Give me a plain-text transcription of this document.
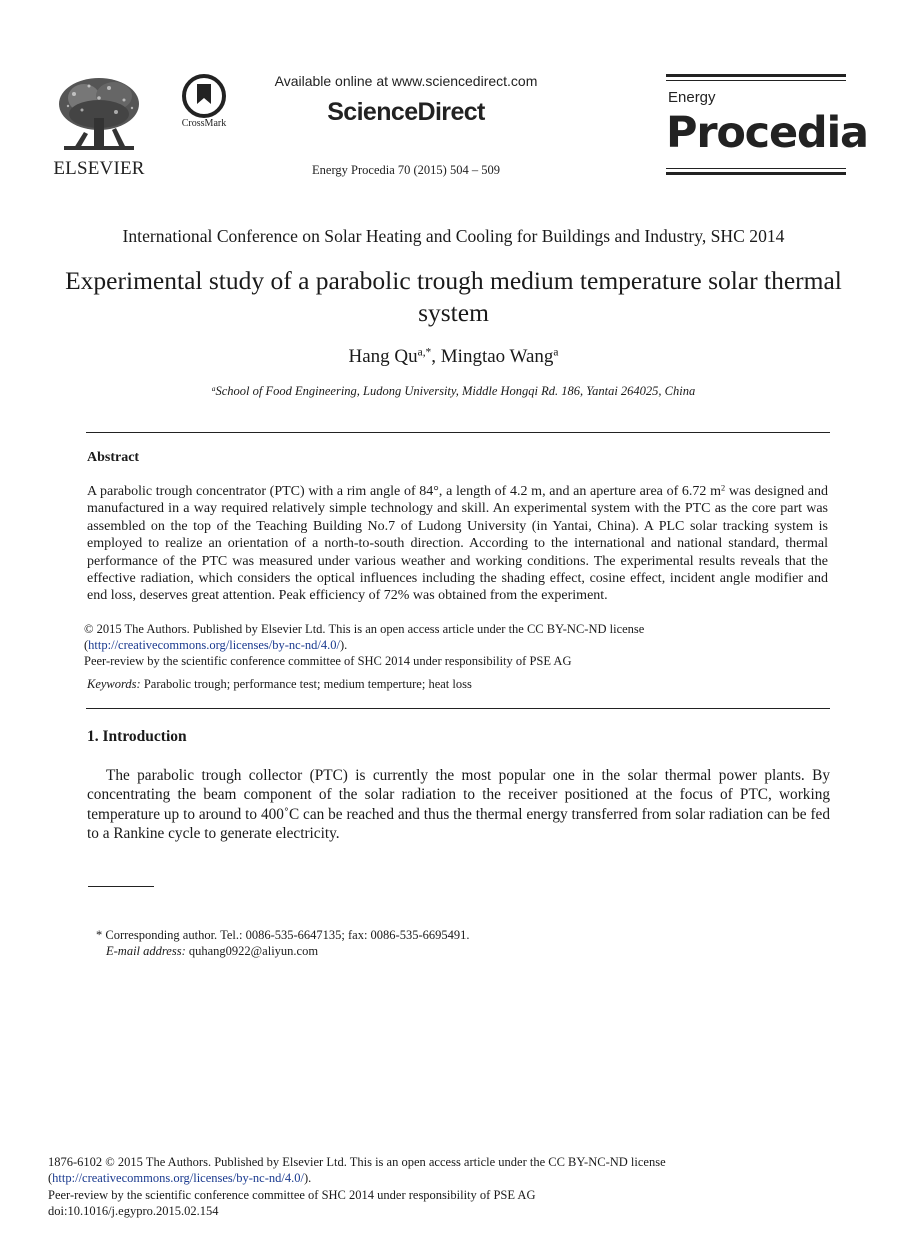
ELSEVIER
CrossMark
Available online at www.sciencedirect.com
ScienceDirect
Energy Procedia 70 (2015) 504 – 509
Energy
Procedia
International Conference on Solar Heating and Cooling for Buildings and Industry, SHC 2014
Experimental study of a parabolic trough medium temperature solar thermal system
Hang $Qu^{a,*}$, Mingtao Wang$^a$
$^a$School of Food Engineering, Ludong University, Middle Hongqi Rd. 186, Yantai 264025, China
Abstract

A parabolic trough concentrator (PTC) with a rim angle of 84°, a length of 4.2 m, and an aperture area of 6.72 $m^2$ was designed and manufactured in a way required relatively simple technology and skill. An experimental system with the PTC as the core part was assembled on the top of the Teaching Building No.7 of Ludong University (in Yantai, China). A PLC solar tracking system is employed to realize an orientation of a north-to-south direction. According to the international and national standard, thermal performance of the PTC was measured under various weather and working conditions. The experimental results reveals that the effective radiation, which considers the optical influences including the shading effect, cosine effect, incident angle modifier and end loss, deserves great attention. Peak efficiency of 72% was obtained from the experiment.

© 2015 The Authors. Published by Elsevier Ltd. This is an open access article under the CC BY-NC-ND license

(http://creativecommons.org/licenses/by-nc-nd/4.0/).

Peer-review by the scientific conference committee of SHC 2014 under responsibility of PSE AG

Keywords: Parabolic trough; performance test; medium temperture; heat loss
1. Introduction

The parabolic trough collector (PTC) is currently the most popular one in the solar thermal power plants. By concentrating the beam component of the solar radiation to the receiver positioned at the focus of PTC, working temperature up to around to 400˚C can be reached and thus the thermal energy transferred from solar radiation can be fed to a Rankine cycle to generate electricity.

* Corresponding author. Tel.: 0086-535-6647135; fax: 0086-535-6695491.

E-mail address: quhang0922@aliyun.com

1876-6102 © 2015 The Authors. Published by Elsevier Ltd. This is an open access article under the CC BY-NC-ND license

(http://creativecommons.org/licenses/by-nc-nd/4.0/).

Peer-review by the scientific conference committee of SHC 2014 under responsibility of PSE AG

doi:10.1016/j.egypro.2015.02.154
